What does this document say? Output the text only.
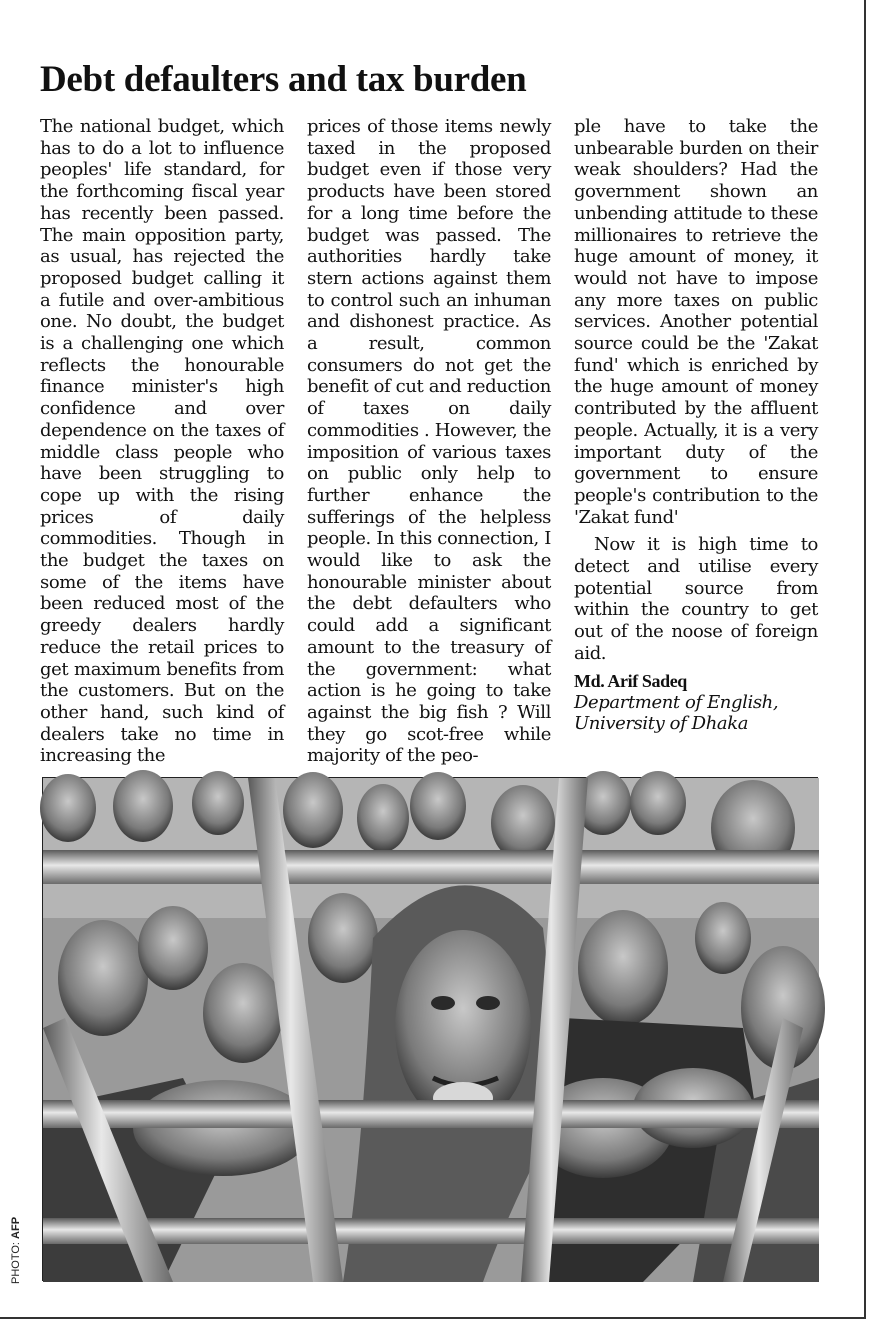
Debt defaulters and tax burden

The national budget, which has to do a lot to influence peoples' life standard, for the forthcoming fiscal year has recently been passed. The main opposition party, as usual, has rejected the proposed budget calling it a futile and over-ambitious one. No doubt, the budget is a challenging one which reflects the honourable finance minister's high confidence and over dependence on the taxes of middle class people who have been struggling to cope up with the rising prices of daily commodities. Though in the budget the taxes on some of the items have been reduced most of the greedy dealers hardly reduce the retail prices to get maximum benefits from the customers. But on the other hand, such kind of dealers take no time in increasing the

prices of those items newly taxed in the proposed budget even if those very products have been stored for a long time before the budget was passed. The authorities hardly take stern actions against them to control such an inhuman and dishonest practice. As a result, common consumers do not get the benefit of cut and reduction of taxes on daily commodities . However, the imposition of various taxes on public only help to further enhance the sufferings of the helpless people. In this connection, I would like to ask the honourable minister about the debt defaulters who could add a significant amount to the treasury of the government: what action is he going to take against the big fish ? Will they go scot-free while majority of the peo-

ple have to take the unbearable burden on their weak shoulders? Had the government shown an unbending attitude to these millionaires to retrieve the huge amount of money, it would not have to impose any more taxes on public services. Another potential source could be the 'Zakat fund' which is enriched by the huge amount of money contributed by the affluent people. Actually, it is a very important duty of the government to ensure people's contribution to the 'Zakat fund'

Now it is high time to detect and utilise every potential source from within the country to get out of the noose of foreign aid.

Md. Arif Sadeq
Department of English,
University of Dhaka
PHOTO: AFP
